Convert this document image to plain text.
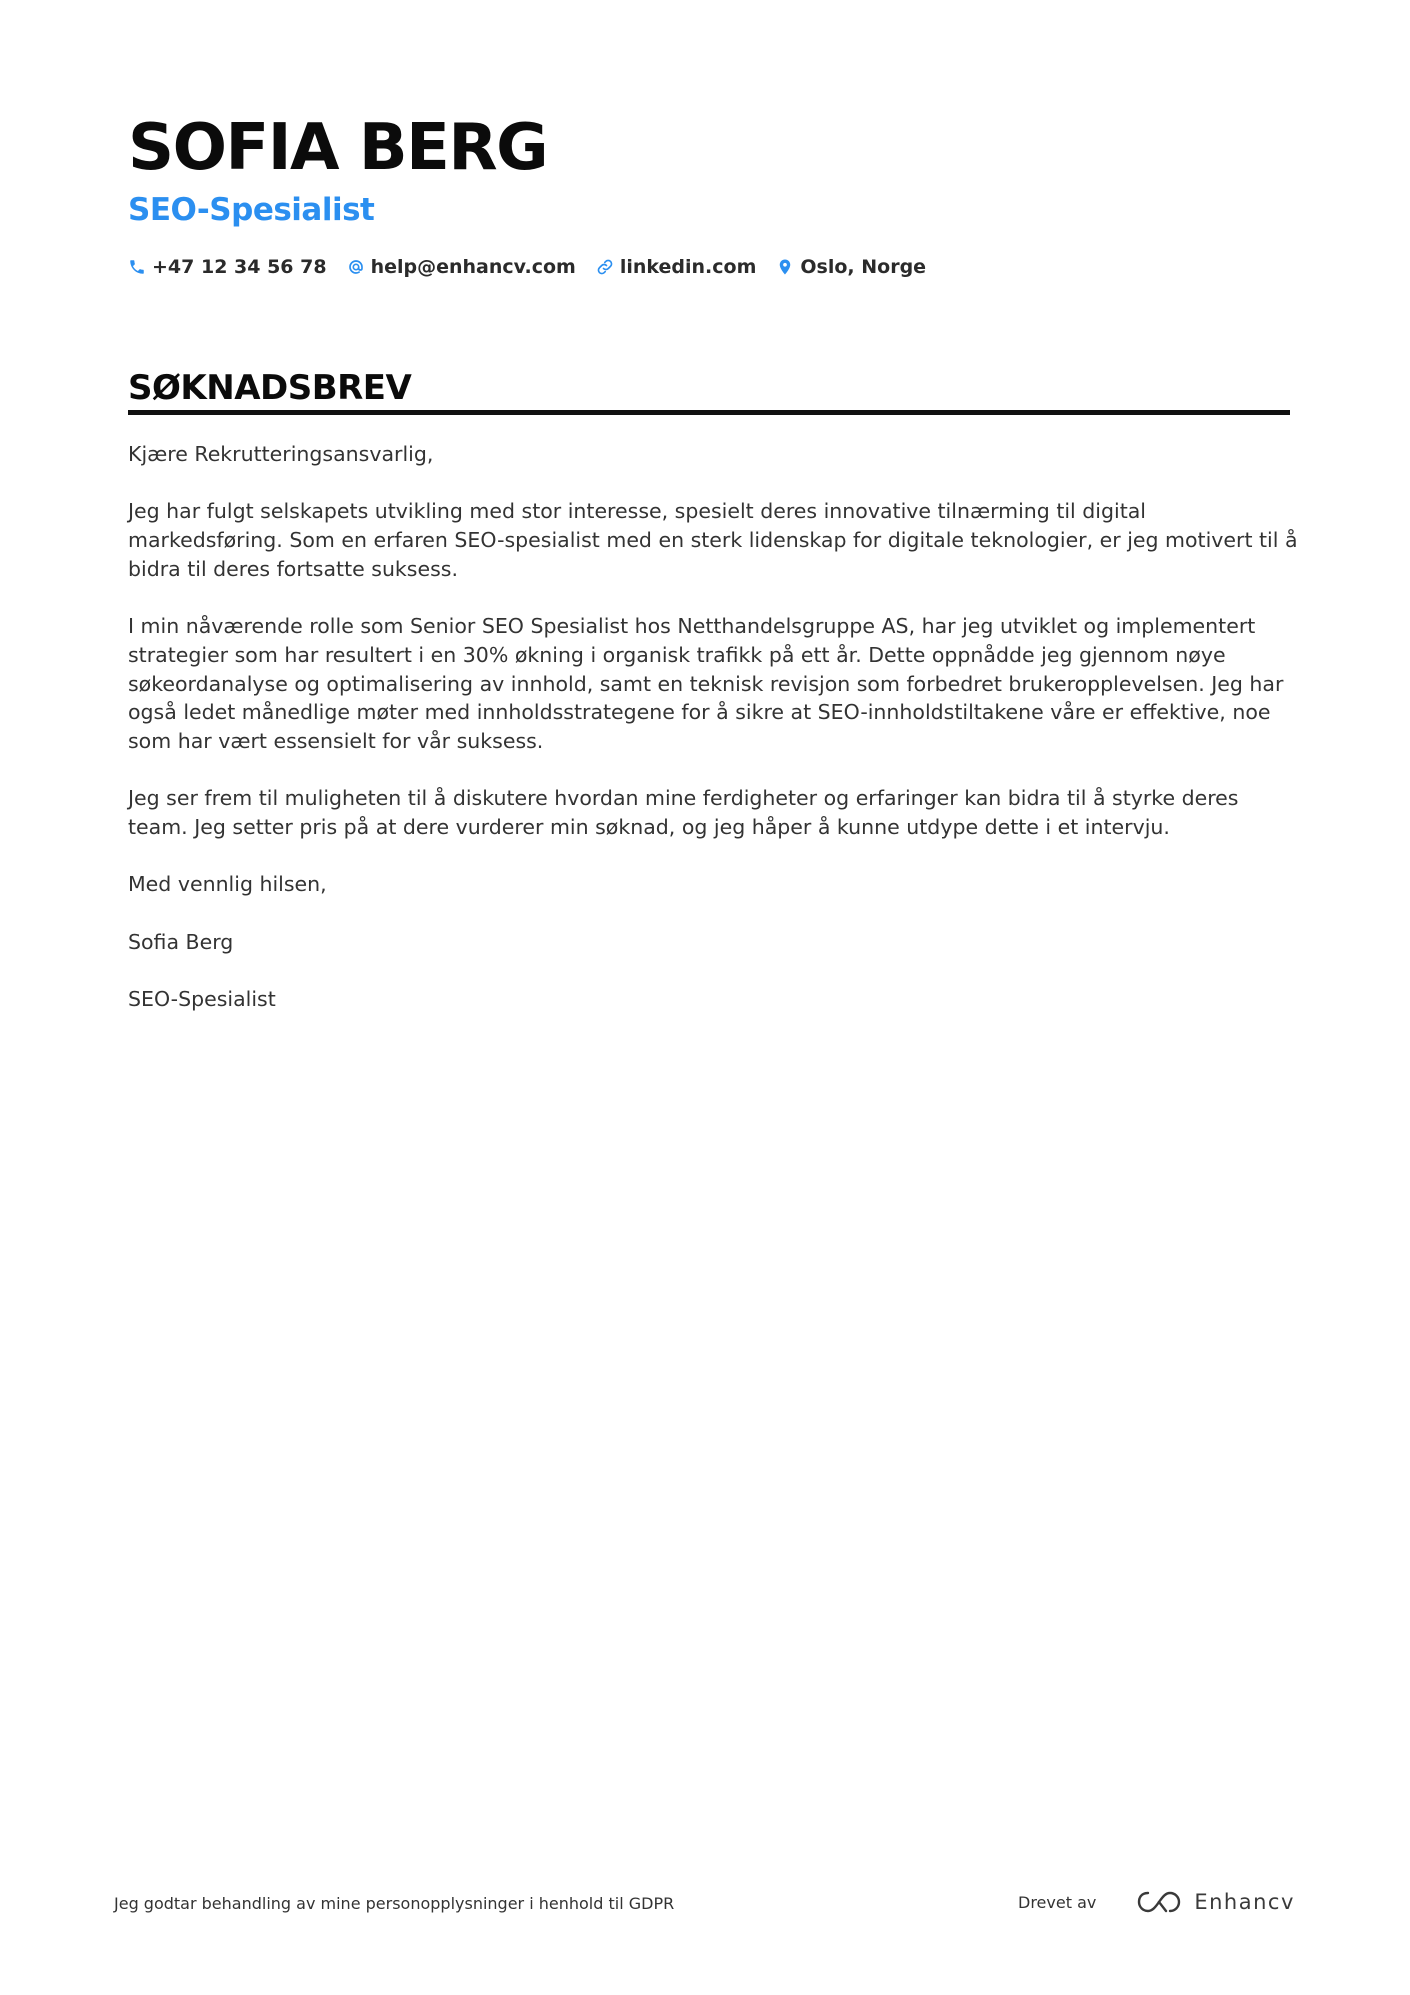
SOFIA BERG
SEO-Spesialist
+47 12 34 56 78 help@enhancv.com linkedin.com Oslo, Norge
SØKNADSBREV

Kjære Rekrutteringsansvarlig,

Jeg har fulgt selskapets utvikling med stor interesse, spesielt deres innovative tilnærming til digital markedsføring. Som en erfaren SEO-spesialist med en sterk lidenskap for digitale teknologier, er jeg motivert til å bidra til deres fortsatte suksess.

I min nåværende rolle som Senior SEO Spesialist hos Netthandelsgruppe AS, har jeg utviklet og implementert strategier som har resultert i en 30% økning i organisk trafikk på ett år. Dette oppnådde jeg gjennom nøye søkeordanalyse og optimalisering av innhold, samt en teknisk revisjon som forbedret brukeropplevelsen. Jeg har også ledet månedlige møter med innholdsstrategene for å sikre at SEO-innholdstiltakene våre er effektive, noe som har vært essensielt for vår suksess.

Jeg ser frem til muligheten til å diskutere hvordan mine ferdigheter og erfaringer kan bidra til å styrke deres team. Jeg setter pris på at dere vurderer min søknad, og jeg håper å kunne utdype dette i et intervju.

Med vennlig hilsen,

Sofia Berg

SEO-Spesialist

Jeg godtar behandling av mine personopplysninger i henhold til GDPR	Drevet av	Enhancv
